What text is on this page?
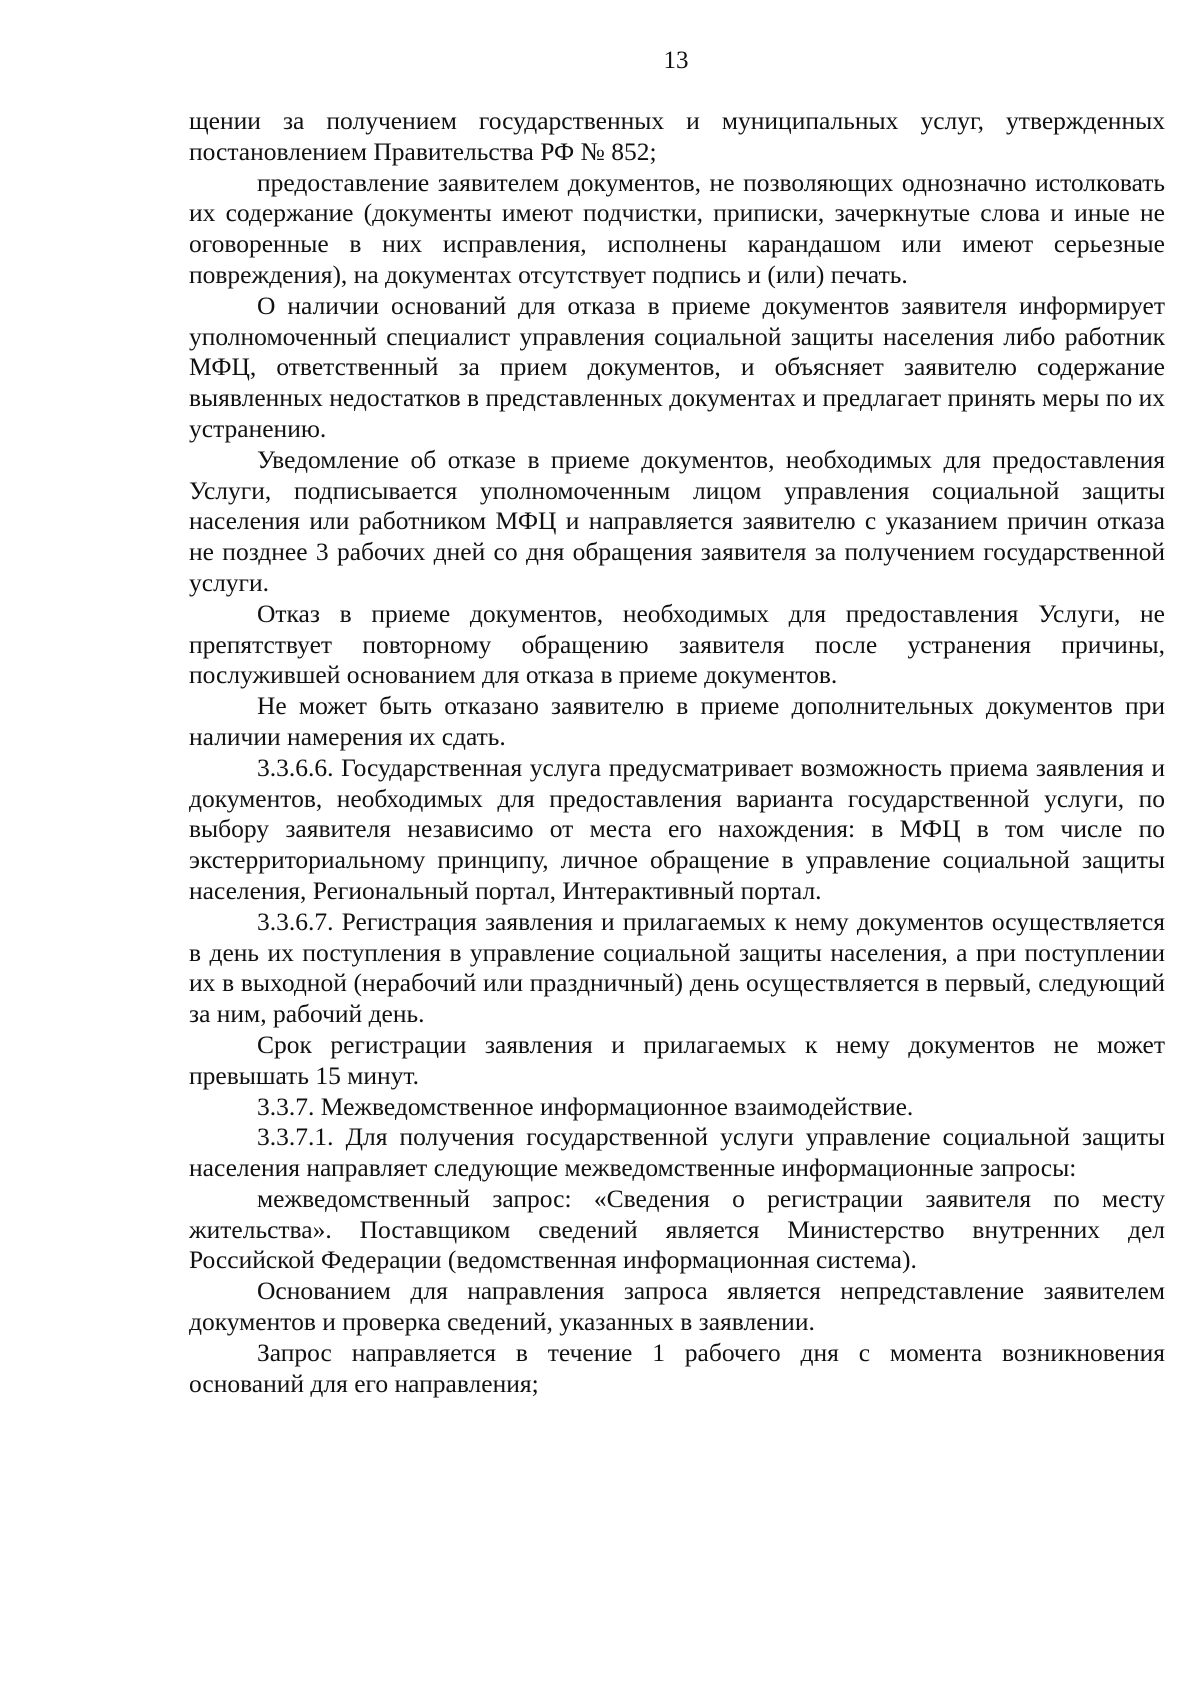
13

щении за получением государственных и муниципальных услуг, утвержденных постановлением Правительства РФ № 852;

предоставление заявителем документов, не позволяющих однозначно истолковать их содержание (документы имеют подчистки, приписки, зачеркнутые слова и иные не оговоренные в них исправления, исполнены карандашом или имеют серьезные повреждения), на документах отсутствует подпись и (или) печать.

О наличии оснований для отказа в приеме документов заявителя информирует уполномоченный специалист управления социальной защиты населения либо работник МФЦ, ответственный за прием документов, и объясняет заявителю содержание выявленных недостатков в представленных документах и предлагает принять меры по их устранению.

Уведомление об отказе в приеме документов, необходимых для предоставления Услуги, подписывается уполномоченным лицом управления социальной защиты населения или работником МФЦ и направляется заявителю с указанием причин отказа не позднее 3 рабочих дней со дня обращения заявителя за получением государственной услуги.

Отказ в приеме документов, необходимых для предоставления Услуги, не препятствует повторному обращению заявителя после устранения причины, послужившей основанием для отказа в приеме документов.

Не может быть отказано заявителю в приеме дополнительных документов при наличии намерения их сдать.

3.3.6.6. Государственная услуга предусматривает возможность приема заявления и документов, необходимых для предоставления варианта государственной услуги, по выбору заявителя независимо от места его нахождения: в МФЦ в том числе по экстерриториальному принципу, личное обращение в управление социальной защиты населения, Региональный портал, Интерактивный портал.

3.3.6.7. Регистрация заявления и прилагаемых к нему документов осуществляется в день их поступления в управление социальной защиты населения, а при поступлении их в выходной (нерабочий или праздничный) день осуществляется в первый, следующий за ним, рабочий день.

Срок регистрации заявления и прилагаемых к нему документов не может превышать 15 минут.

3.3.7. Межведомственное информационное взаимодействие.

3.3.7.1. Для получения государственной услуги управление социальной защиты населения направляет следующие межведомственные информационные запросы:

межведомственный запрос: «Сведения о регистрации заявителя по месту жительства». Поставщиком сведений является Министерство внутренних дел Российской Федерации (ведомственная информационная система).

Основанием для направления запроса является непредставление заявителем документов и проверка сведений, указанных в заявлении.

Запрос направляется в течение 1 рабочего дня с момента возникновения оснований для его направления;
